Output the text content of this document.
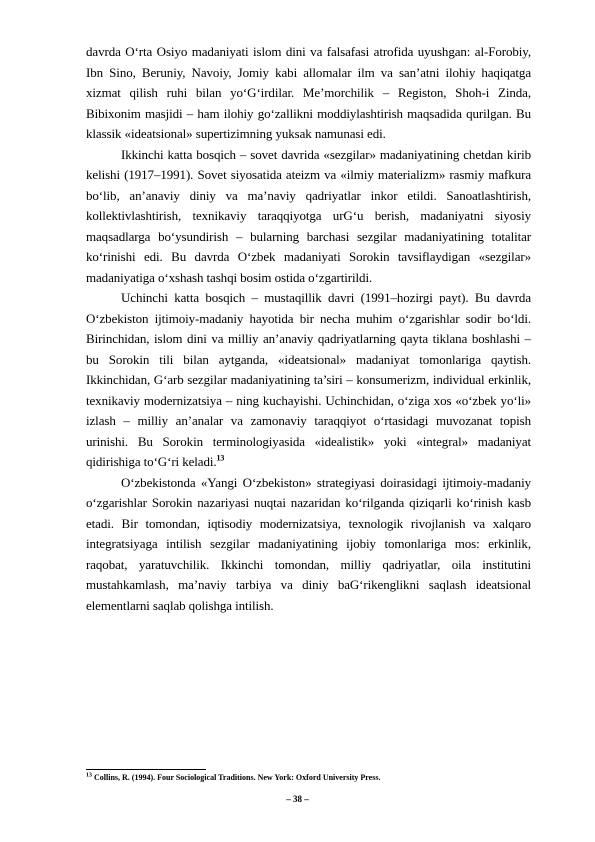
davrda O‘rta Osiyo madaniyati islom dini va falsafasi atrofida uyushgan: al-Forobiy, Ibn Sino, Beruniy, Navoiy, Jomiy kabi allomalar ilm va san’atni ilohiy haqiqatga xizmat qilish ruhi bilan yo‘G‘irdilar. Me’morchilik – Registon, Shoh-i Zinda, Bibixonim masjidi – ham ilohiy go‘zallikni moddiylashtirish maqsadida qurilgan. Bu klassik «ideatsional» supertizimning yuksak namunasi edi.

Ikkinchi katta bosqich – sovet davrida «sezgilar» madaniyatining chetdan kirib kelishi (1917–1991). Sovet siyosatida ateizm va «ilmiy materializm» rasmiy mafkura bo‘lib, an’anaviy diniy va ma’naviy qadriyatlar inkor etildi. Sanoatlashtirish, kollektivlashtirish, texnikaviy taraqqiyotga urG‘u berish, madaniyatni siyosiy maqsadlarga bo‘ysundirish – bularning barchasi sezgilar madaniyatining totalitar ko‘rinishi edi. Bu davrda O‘zbek madaniyati Sorokin tavsiflaydigan «sezgilar» madaniyatiga o‘xshash tashqi bosim ostida o‘zgartirildi.

Uchinchi katta bosqich – mustaqillik davri (1991–hozirgi payt). Bu davrda O‘zbekiston ijtimoiy-madaniy hayotida bir necha muhim o‘zgarishlar sodir bo‘ldi. Birinchidan, islom dini va milliy an’anaviy qadriyatlarning qayta tiklana boshlashi – bu Sorokin tili bilan aytganda, «ideatsional» madaniyat tomonlariga qaytish. Ikkinchidan, G‘arb sezgilar madaniyatining ta’siri – konsumerizm, individual erkinlik, texnikaviy modernizatsiya – ning kuchayishi. Uchinchidan, o‘ziga xos «o‘zbek yo‘li» izlash – milliy an’analar va zamonaviy taraqqiyot o‘rtasidagi muvozanat topish urinishi. Bu Sorokin terminologiyasida «idealistik» yoki «integral» madaniyat qidirishiga to‘G‘ri keladi.$^{13}$

O‘zbekistonda «Yangi O‘zbekiston» strategiyasi doirasidagi ijtimoiy-madaniy o‘zgarishlar Sorokin nazariyasi nuqtai nazaridan ko‘rilganda qiziqarli ko‘rinish kasb etadi. Bir tomondan, iqtisodiy modernizatsiya, texnologik rivojlanish va xalqaro integratsiyaga intilish sezgilar madaniyatining ijobiy tomonlariga mos: erkinlik, raqobat, yaratuvchilik. Ikkinchi tomondan, milliy qadriyatlar, oila institutini mustahkamlash, ma’naviy tarbiya va diniy baG‘rikenglikni saqlash ideatsional elementlarni saqlab qolishga intilish.

$^{13}$ Collins, R. (1994). Four Sociological Traditions. New York: Oxford University Press.
– 38 –
